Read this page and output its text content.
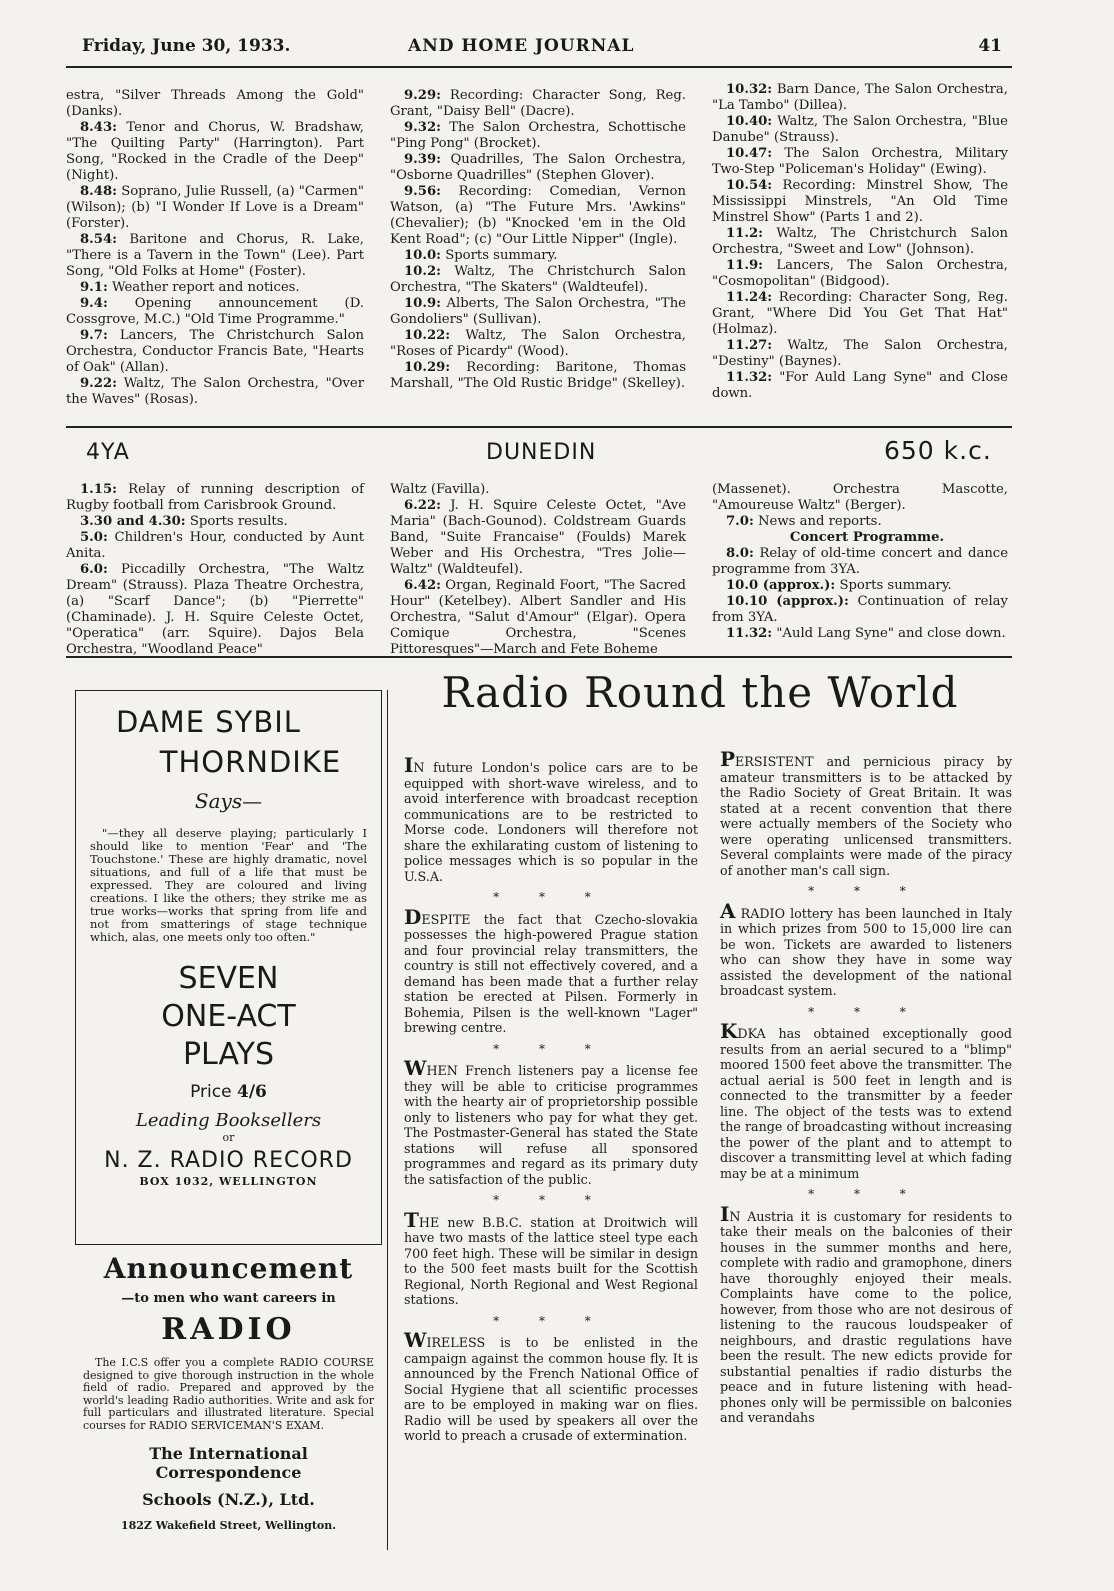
Friday, June 30, 1933.	AND HOME JOURNAL	41

estra, "Silver Threads Among the Gold" (Danks).

8.43: Tenor and Chorus, W. Bradshaw, "The Quilting Party" (Harrington). Part Song, "Rocked in the Cradle of the Deep" (Night).

8.48: Soprano, Julie Russell, (a) "Carmen" (Wilson); (b) "I Wonder If Love is a Dream" (Forster).

8.54: Baritone and Chorus, R. Lake, "There is a Tavern in the Town" (Lee). Part Song, "Old Folks at Home" (Foster).

9.1: Weather report and notices.

9.4: Opening announcement (D. Cossgrove, M.C.) "Old Time Programme."

9.7: Lancers, The Christchurch Salon Orchestra, Conductor Francis Bate, "Hearts of Oak" (Allan).

9.22: Waltz, The Salon Orchestra, "Over the Waves" (Rosas).

9.29: Recording: Character Song, Reg. Grant, "Daisy Bell" (Dacre).

9.32: The Salon Orchestra, Schottische "Ping Pong" (Brocket).

9.39: Quadrilles, The Salon Orchestra, "Osborne Quadrilles" (Stephen Glover).

9.56: Recording: Comedian, Vernon Watson, (a) "The Future Mrs. 'Awkins" (Chevalier); (b) "Knocked 'em in the Old Kent Road"; (c) "Our Little Nipper" (Ingle).

10.0: Sports summary.

10.2: Waltz, The Christchurch Salon Orchestra, "The Skaters" (Waldteufel).

10.9: Alberts, The Salon Orchestra, "The Gondoliers" (Sullivan).

10.22: Waltz, The Salon Orchestra, "Roses of Picardy" (Wood).

10.29: Recording: Baritone, Thomas Marshall, "The Old Rustic Bridge" (Skelley).

10.32: Barn Dance, The Salon Orchestra, "La Tambo" (Dillea).

10.40: Waltz, The Salon Orchestra, "Blue Danube" (Strauss).

10.47: The Salon Orchestra, Military Two-Step "Policeman's Holiday" (Ewing).

10.54: Recording: Minstrel Show, The Mississippi Minstrels, "An Old Time Minstrel Show" (Parts 1 and 2).

11.2: Waltz, The Christchurch Salon Orchestra, "Sweet and Low" (Johnson).

11.9: Lancers, The Salon Orchestra, "Cosmopolitan" (Bidgood).

11.24: Recording: Character Song, Reg. Grant, "Where Did You Get That Hat" (Holmaz).

11.27: Waltz, The Salon Orchestra, "Destiny" (Baynes).

11.32: "For Auld Lang Syne" and Close down.

4YA	DUNEDIN	650 k.c.

1.15: Relay of running description of Rugby football from Carisbrook Ground.

3.30 and 4.30: Sports results.

5.0: Children's Hour, conducted by Aunt Anita.

6.0: Piccadilly Orchestra, "The Waltz Dream" (Strauss). Plaza Theatre Orchestra, (a) "Scarf Dance"; (b) "Pierrette" (Chaminade). J. H. Squire Celeste Octet, "Operatica" (arr. Squire). Dajos Bela Orchestra, "Woodland Peace"

Waltz (Favilla).

6.22: J. H. Squire Celeste Octet, "Ave Maria" (Bach-Gounod). Coldstream Guards Band, "Suite Francaise" (Foulds) Marek Weber and His Orchestra, "Tres Jolie—Waltz" (Waldteufel).

6.42: Organ, Reginald Foort, "The Sacred Hour" (Ketelbey). Albert Sandler and His Orchestra, "Salut d'Amour" (Elgar). Opera Comique Orchestra, "Scenes Pittoresques"—March and Fete Boheme

(Massenet). Orchestra Mascotte, "Amoureuse Waltz" (Berger).

7.0: News and reports.

Concert Programme.

8.0: Relay of old-time concert and dance programme from 3YA.

10.0 (approx.): Sports summary.

10.10 (approx.): Continuation of relay from 3YA.

11.32: "Auld Lang Syne" and close down.

DAME SYBIL
THORNDIKE
Says—
"—they all deserve playing; particularly I should like to mention 'Fear' and 'The Touchstone.' These are highly dramatic, novel situations, and full of a life that must be expressed. They are coloured and living creations. I like the others; they strike me as true works—works that spring from life and not from smatterings of stage technique which, alas, one meets only too often."
SEVEN
ONE-ACT
PLAYS
Price 4/6
Leading Booksellers
or
N. Z. RADIO RECORD
BOX 1032, WELLINGTON
Announcement
—to men who want careers in
RADIO
The I.C.S offer you a complete RADIO COURSE designed to give thorough instruction in the whole field of radio. Prepared and approved by the world's leading Radio authorities. Write and ask for full particulars and illustrated literature. Special courses for RADIO SERVICEMAN'S EXAM.
The International Correspondence
Schools (N.Z.), Ltd.
182Z Wakefield Street, Wellington.
Radio Round the World

IN future London's police cars are to be equipped with short-wave wireless, and to avoid interference with broadcast reception communications are to be restricted to Morse code. Londoners will therefore not share the exhilarating custom of listening to police messages which is so popular in the U.S.A.

* * *

DESPITE the fact that Czecho-slovakia possesses the high-powered Prague station and four provincial relay transmitters, the country is still not effectively covered, and a demand has been made that a further relay station be erected at Pilsen. Formerly in Bohemia, Pilsen is the well-known "Lager" brewing centre.

* * *

WHEN French listeners pay a license fee they will be able to criticise programmes with the hearty air of proprietorship possible only to listeners who pay for what they get. The Postmaster-General has stated the State stations will refuse all sponsored programmes and regard as its primary duty the satisfaction of the public.

* * *

THE new B.B.C. station at Droitwich will have two masts of the lattice steel type each 700 feet high. These will be similar in design to the 500 feet masts built for the Scottish Regional, North Regional and West Regional stations.

* * *

WIRELESS is to be enlisted in the campaign against the common house fly. It is announced by the French National Office of Social Hygiene that all scientific processes are to be employed in making war on flies. Radio will be used by speakers all over the world to preach a crusade of extermination.

PERSISTENT and pernicious piracy by amateur transmitters is to be attacked by the Radio Society of Great Britain. It was stated at a recent convention that there were actually members of the Society who were operating unlicensed transmitters. Several complaints were made of the piracy of another man's call sign.

* * *

A RADIO lottery has been launched in Italy in which prizes from 500 to 15,000 lire can be won. Tickets are awarded to listeners who can show they have in some way assisted the development of the national broadcast system.

* * *

KDKA has obtained exceptionally good results from an aerial secured to a "blimp" moored 1500 feet above the transmitter. The actual aerial is 500 feet in length and is connected to the transmitter by a feeder line. The object of the tests was to extend the range of broadcasting without increasing the power of the plant and to attempt to discover a transmitting level at which fading may be at a minimum

* * *

IN Austria it is customary for residents to take their meals on the balconies of their houses in the summer months and here, complete with radio and gramophone, diners have thoroughly enjoyed their meals. Complaints have come to the police, however, from those who are not desirous of listening to the raucous loudspeaker of neighbours, and drastic regulations have been the result. The new edicts provide for substantial penalties if radio disturbs the peace and in future listening with head-phones only will be permissible on balconies and verandahs
